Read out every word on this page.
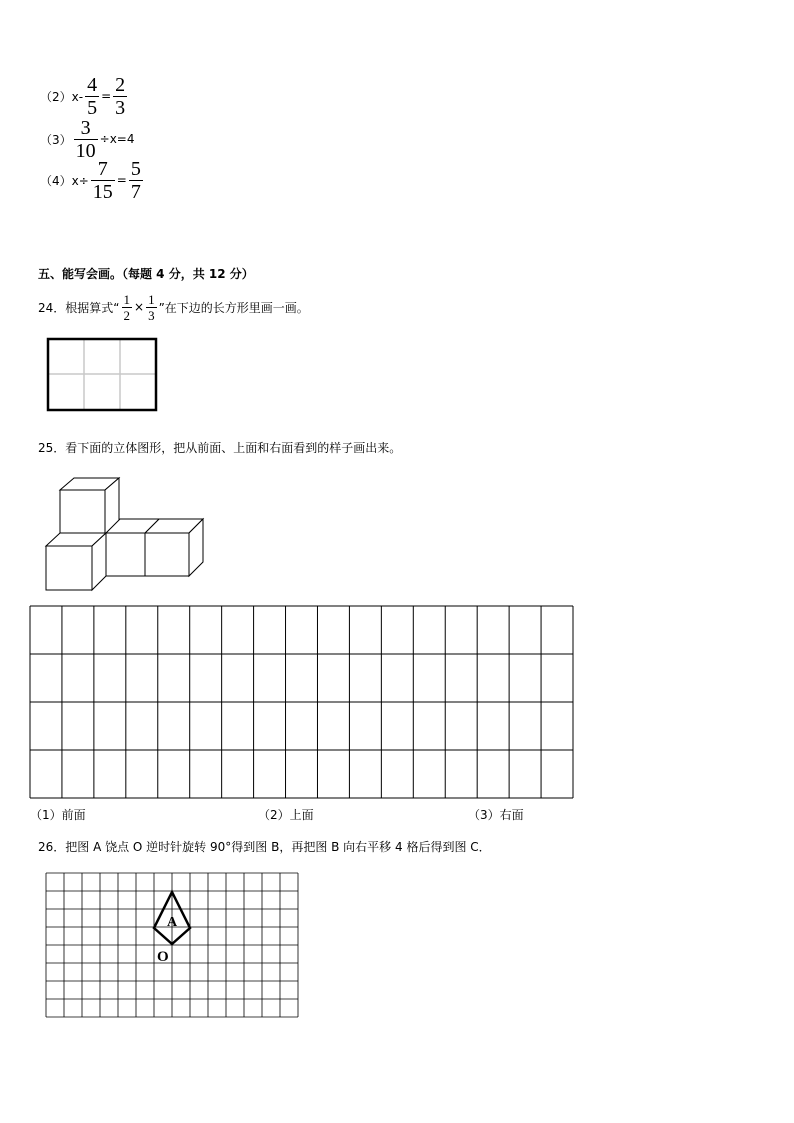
$(2)x- \frac{4}{5} = \frac{2}{3}$
$(3) \frac{3}{10} \div x=4$
$(4)x\div \frac{7}{15} = \frac{5}{7}$
五、能写会画。（每题 4 分，共 12 分）
24．根据算式“ $\frac{1}{2} \times \frac{1}{3}$ ”在下边的长方形里画一画。
25．看下面的立体图形，把从前面、上面和右面看到的样子画出来。
（1）前面	（2）上面	（3）右面
26．把图 A 饶点 O 逆时针旋转 90°得到图 B，再把图 B 向右平移 4 格后得到图 C．
A
O
